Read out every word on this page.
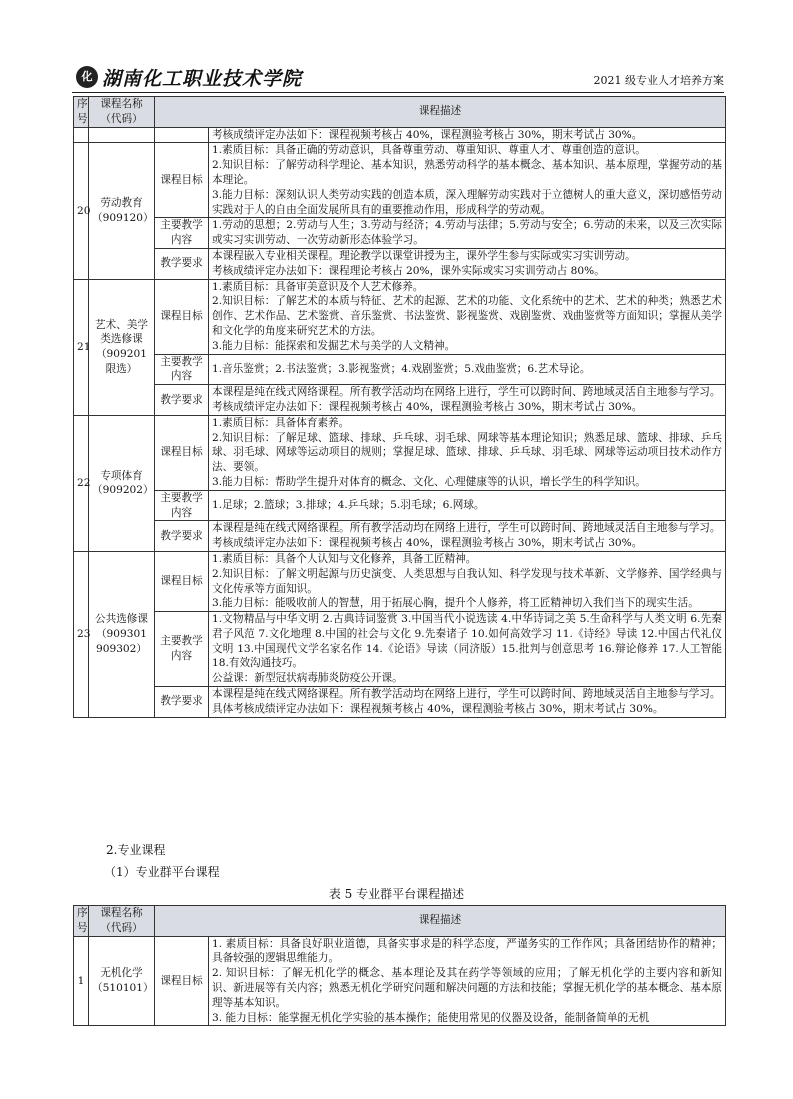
化 湖南化工职业技术学院	2021 级专业人才培养方案
序号	课程名称（代码）	课程描述	
			考核成绩评定办法如下：课程视频考核占 40%，课程测验考核占 30%，期末考试占 30%。
20	劳动教育（909120）	课程目标	1.素质目标：具备正确的劳动意识，具备尊重劳动、尊重知识、尊重人才、尊重创造的意识。
2.知识目标：了解劳动科学理论、基本知识，熟悉劳动科学的基本概念、基本知识、基本原理，掌握劳动的基本理论。
3.能力目标：深刻认识人类劳动实践的创造本质，深入理解劳动实践对于立德树人的重大意义，深切感悟劳动实践对于人的自由全面发展所具有的重要推动作用，形成科学的劳动观。

		主要教学内容	1.劳动的思想；2.劳动与人生；3.劳动与经济；4.劳动与法律；5.劳动与安全；6.劳动的未来，以及三次实际或实习实训劳动、一次劳动新形态体验学习。

		教学要求	本课程嵌入专业相关课程。理论教学以课堂讲授为主，课外学生参与实际或实习实训劳动。
考核成绩评定办法如下：课程理论考核占 20%，课外实际或实习实训劳动占 80%。

21	艺术、美学类选修课（909201 限选）	课程目标	1.素质目标：具备审美意识及个人艺术修养。
2.知识目标：了解艺术的本质与特征、艺术的起源、艺术的功能、文化系统中的艺术、艺术的种类；熟悉艺术创作、艺术作品、艺术鉴赏、音乐鉴赏、书法鉴赏、影视鉴赏、戏剧鉴赏、戏曲鉴赏等方面知识；掌握从美学和文化学的角度来研究艺术的方法。
3.能力目标：能探索和发掘艺术与美学的人文精神。

		主要教学内容	1.音乐鉴赏；2.书法鉴赏；3.影视鉴赏；4.戏剧鉴赏；5.戏曲鉴赏；6.艺术导论。

		教学要求	本课程是纯在线式网络课程。所有教学活动均在网络上进行，学生可以跨时间、跨地域灵活自主地参与学习。
考核成绩评定办法如下：课程视频考核占 40%，课程测验考核占 30%，期末考试占 30%。

22	专项体育（909202）	课程目标	1.素质目标：具备体育素养。
2.知识目标：了解足球、篮球、排球、乒乓球、羽毛球、网球等基本理论知识；熟悉足球、篮球、排球、乒乓球、羽毛球、网球等运动项目的规则；掌握足球、篮球、排球、乒乓球、羽毛球、网球等运动项目技术动作方法、要领。
3.能力目标：帮助学生提升对体育的概念、文化、心理健康等的认识，增长学生的科学知识。

		主要教学内容	1.足球；2.篮球；3.排球；4.乒乓球；5.羽毛球；6.网球。

		教学要求	本课程是纯在线式网络课程。所有教学活动均在网络上进行，学生可以跨时间、跨地域灵活自主地参与学习。
考核成绩评定办法如下：课程视频考核占 40%，课程测验考核占 30%，期末考试占 30%。

23	公共选修课（909301 909302）	课程目标	1.素质目标：具备个人认知与文化修养，具备工匠精神。
2.知识目标：了解文明起源与历史演变、人类思想与自我认知、科学发现与技术革新、文学修养、国学经典与文化传承等方面知识。
3.能力目标：能吸收前人的智慧，用于拓展心胸，提升个人修养，将工匠精神切入我们当下的现实生活。

		主要教学内容	1.文物精品与中华文明 2.古典诗词鉴赏 3.中国当代小说选读 4.中华诗词之美 5.生命科学与人类文明 6.先秦君子风范 7.文化地理 8.中国的社会与文化 9.先秦诸子 10.如何高效学习 11.《诗经》导读 12.中国古代礼仪文明 13.中国现代文学名家名作 14.《论语》导读（同济版）15.批判与创意思考 16.辩论修养 17.人工智能 18.有效沟通技巧。
公益课：新型冠状病毒肺炎防疫公开课。

		教学要求	本课程是纯在线式网络课程。所有教学活动均在网络上进行，学生可以跨时间、跨地域灵活自主地参与学习。
具体考核成绩评定办法如下：课程视频考核占 40%，课程测验考核占 30%，期末考试占 30%。
2.专业课程
（1）专业群平台课程
表 5 专业群平台课程描述
序号	课程名称（代码）	课程描述	
1	无机化学（510101）	课程目标	1. 素质目标：具备良好职业道德，具备实事求是的科学态度，严谨务实的工作作风；具备团结协作的精神；具备较强的逻辑思维能力。
2. 知识目标：了解无机化学的概念、基本理论及其在药学等领域的应用；了解无机化学的主要内容和新知识、新进展等有关内容；熟悉无机化学研究问题和解决问题的方法和技能；掌握无机化学的基本概念、基本原理等基本知识。
3. 能力目标：能掌握无机化学实验的基本操作；能使用常见的仪器及设备，能制备简单的无机
